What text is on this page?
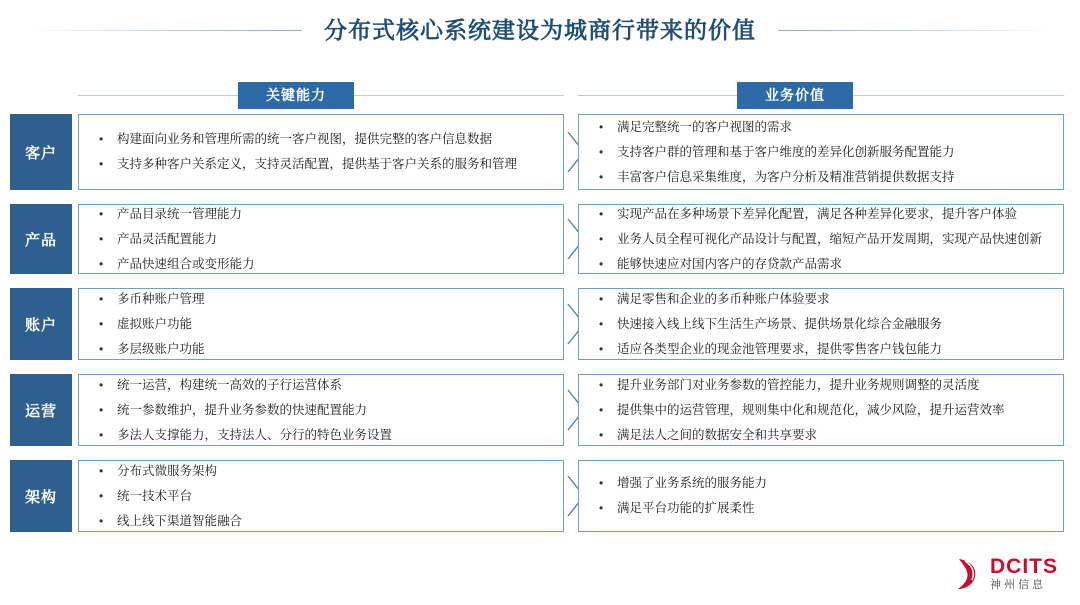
分布式核心系统建设为城商行带来的价值
关键能力	业务价值
客户
• 构建面向业务和管理所需的统一客户视图，提供完整的客户信息数据
• 支持多种客户关系定义，支持灵活配置，提供基于客户关系的服务和管理
• 满足完整统一的客户视图的需求
• 支持客户群的管理和基于客户维度的差异化创新服务配置能力
• 丰富客户信息采集维度，为客户分析及精准营销提供数据支持
产品
• 产品目录统一管理能力
• 产品灵活配置能力
• 产品快速组合或变形能力
• 实现产品在多种场景下差异化配置，满足各种差异化要求，提升客户体验
• 业务人员全程可视化产品设计与配置，缩短产品开发周期，实现产品快速创新
• 能够快速应对国内客户的存贷款产品需求
账户
• 多币种账户管理
• 虚拟账户功能
• 多层级账户功能
• 满足零售和企业的多币种账户体验要求
• 快速接入线上线下生活生产场景、提供场景化综合金融服务
• 适应各类型企业的现金池管理要求，提供零售客户钱包能力
运营
• 统一运营，构建统一高效的子行运营体系
• 统一参数维护，提升业务参数的快速配置能力
• 多法人支撑能力，支持法人、分行的特色业务设置
• 提升业务部门对业务参数的管控能力，提升业务规则调整的灵活度
• 提供集中的运营管理，规则集中化和规范化，减少风险，提升运营效率
• 满足法人之间的数据安全和共享要求
架构
• 分布式微服务架构
• 统一技术平台
• 线上线下渠道智能融合
• 增强了业务系统的服务能力
• 满足平台功能的扩展柔性
DCITS
神州信息
